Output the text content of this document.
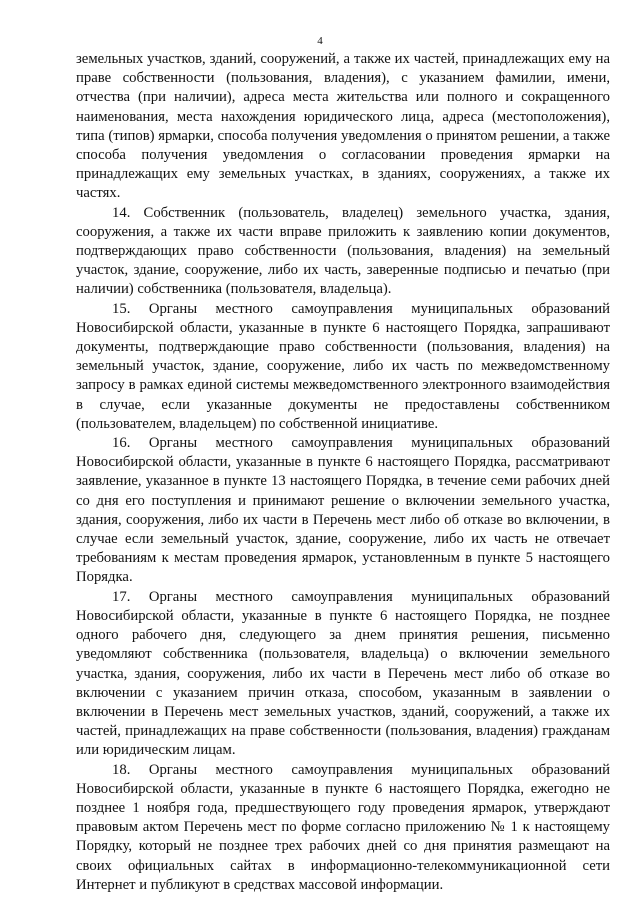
4

земельных участков, зданий, сооружений, а также их частей, принадлежащих ему на праве собственности (пользования, владения), с указанием фамилии, имени, отчества (при наличии), адреса места жительства или полного и сокращенного наименования, места нахождения юридического лица, адреса (местоположения), типа (типов) ярмарки, способа получения уведомления о принятом решении, а также способа получения уведомления о согласовании проведения ярмарки на принадлежащих ему земельных участках, в зданиях, сооружениях, а также их частях.

14. Собственник (пользователь, владелец) земельного участка, здания, сооружения, а также их части вправе приложить к заявлению копии документов, подтверждающих право собственности (пользования, владения) на земельный участок, здание, сооружение, либо их часть, заверенные подписью и печатью (при наличии) собственника (пользователя, владельца).

15. Органы местного самоуправления муниципальных образований Новосибирской области, указанные в пункте 6 настоящего Порядка, запрашивают документы, подтверждающие право собственности (пользования, владения) на земельный участок, здание, сооружение, либо их часть по межведомственному запросу в рамках единой системы межведомственного электронного взаимодействия в случае, если указанные документы не предоставлены собственником (пользователем, владельцем) по собственной инициативе.

16. Органы местного самоуправления муниципальных образований Новосибирской области, указанные в пункте 6 настоящего Порядка, рассматривают заявление, указанное в пункте 13 настоящего Порядка, в течение семи рабочих дней со дня его поступления и принимают решение о включении земельного участка, здания, сооружения, либо их части в Перечень мест либо об отказе во включении, в случае если земельный участок, здание, сооружение, либо их часть не отвечает требованиям к местам проведения ярмарок, установленным в пункте 5 настоящего Порядка.

17. Органы местного самоуправления муниципальных образований Новосибирской области, указанные в пункте 6 настоящего Порядка, не позднее одного рабочего дня, следующего за днем принятия решения, письменно уведомляют собственника (пользователя, владельца) о включении земельного участка, здания, сооружения, либо их части в Перечень мест либо об отказе во включении с указанием причин отказа, способом, указанным в заявлении о включении в Перечень мест земельных участков, зданий, сооружений, а также их частей, принадлежащих на праве собственности (пользования, владения) гражданам или юридическим лицам.

18. Органы местного самоуправления муниципальных образований Новосибирской области, указанные в пункте 6 настоящего Порядка, ежегодно не позднее 1 ноября года, предшествующего году проведения ярмарок, утверждают правовым актом Перечень мест по форме согласно приложению № 1 к настоящему Порядку, который не позднее трех рабочих дней со дня принятия размещают на своих официальных сайтах в информационно-телекоммуникационной сети Интернет и публикуют в средствах массовой информации.
